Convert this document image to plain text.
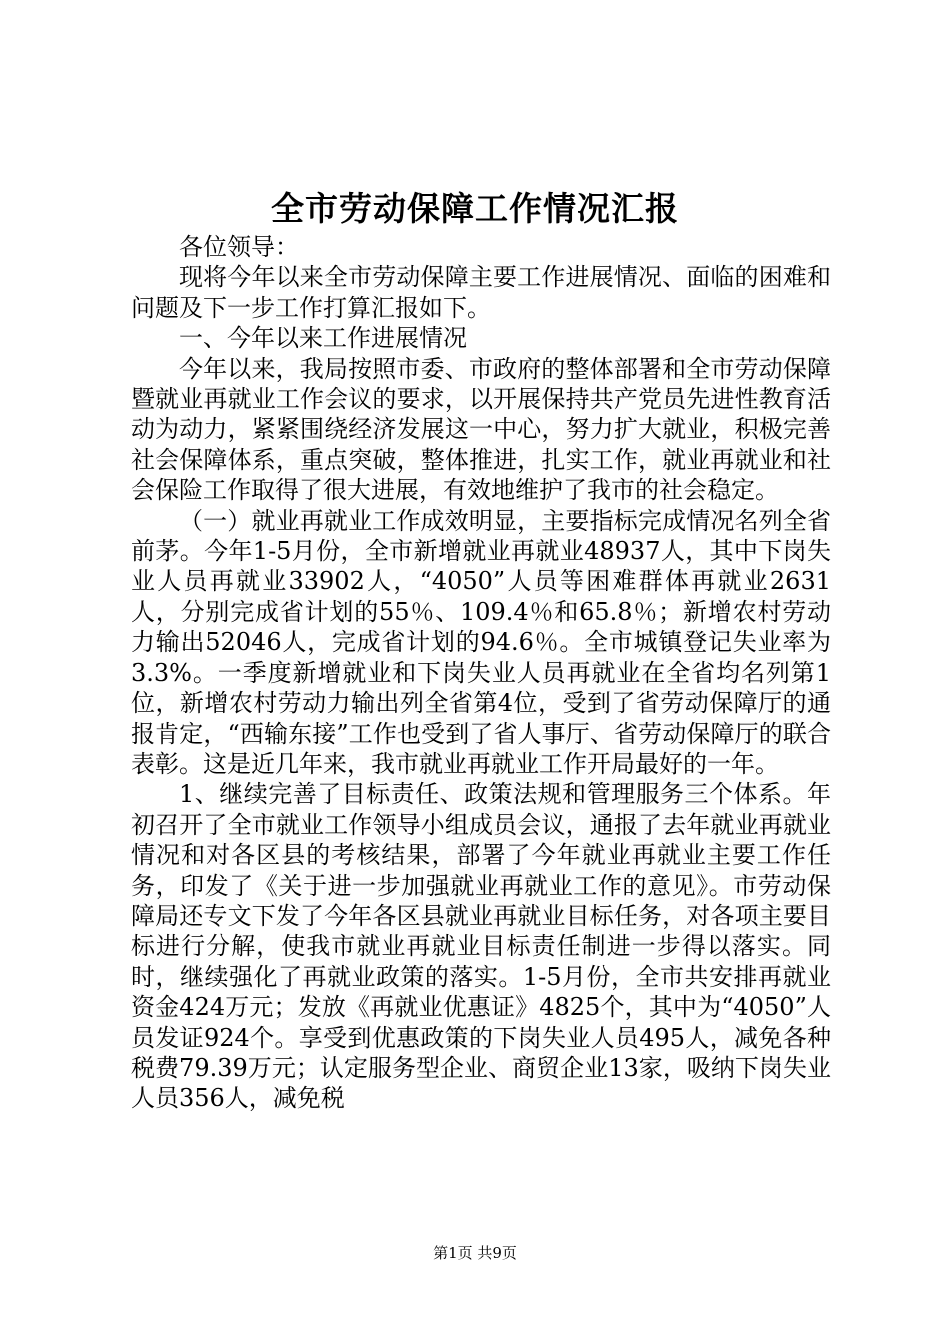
全市劳动保障工作情况汇报

各位领导：

现将今年以来全市劳动保障主要工作进展情况、面临的困难和问题及下一步工作打算汇报如下。

一、今年以来工作进展情况

今年以来，我局按照市委、市政府的整体部署和全市劳动保障暨就业再就业工作会议的要求，以开展保持共产党员先进性教育活动为动力，紧紧围绕经济发展这一中心，努力扩大就业，积极完善社会保障体系，重点突破，整体推进，扎实工作，就业再就业和社会保险工作取得了很大进展，有效地维护了我市的社会稳定。

（一）就业再就业工作成效明显，主要指标完成情况名列全省前茅。今年1-5月份，全市新增就业再就业48937人，其中下岗失业人员再就业33902人，“4050”人员等困难群体再就业2631人，分别完成省计划的55％、109.4％和65.8％；新增农村劳动力输出52046人，完成省计划的94.6％。全市城镇登记失业率为3.3%。一季度新增就业和下岗失业人员再就业在全省均名列第1位，新增农村劳动力输出列全省第4位，受到了省劳动保障厅的通报肯定，“西输东接”工作也受到了省人事厅、省劳动保障厅的联合表彰。这是近几年来，我市就业再就业工作开局最好的一年。

1、继续完善了目标责任、政策法规和管理服务三个体系。年初召开了全市就业工作领导小组成员会议，通报了去年就业再就业情况和对各区县的考核结果，部署了今年就业再就业主要工作任务，印发了《关于进一步加强就业再就业工作的意见》。市劳动保障局还专文下发了今年各区县就业再就业目标任务，对各项主要目标进行分解，使我市就业再就业目标责任制进一步得以落实。同时，继续强化了再就业政策的落实。1-5月份，全市共安排再就业资金424万元；发放《再就业优惠证》4825个，其中为“4050”人员发证924个。享受到优惠政策的下岗失业人员495人，减免各种税费79.39万元；认定服务型企业、商贸企业13家，吸纳下岗失业人员356人，减免税

第1页 共9页
